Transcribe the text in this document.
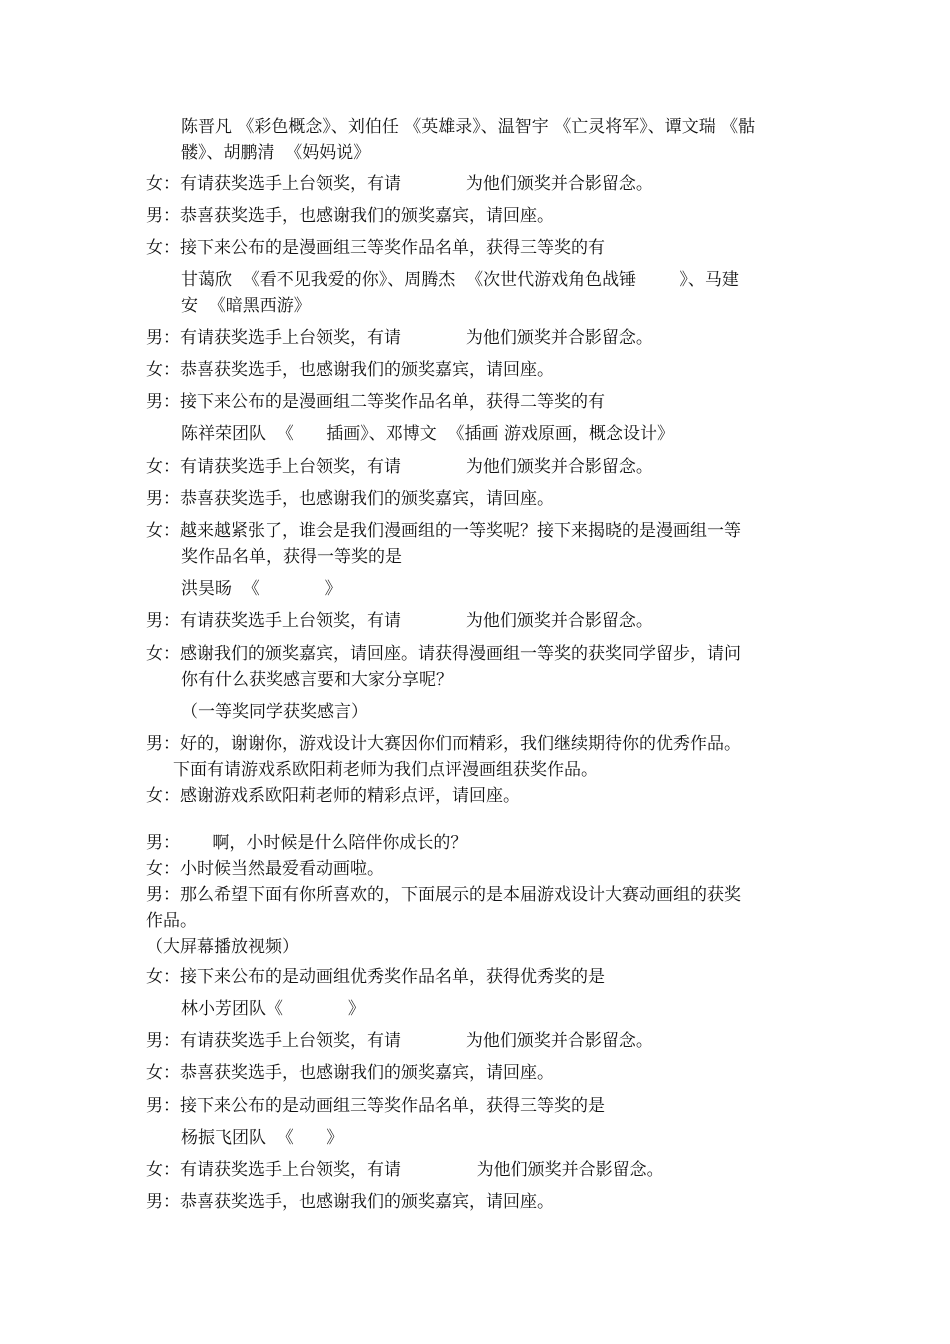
陈晋凡 《彩色概念》、刘伯任 《英雄录》、温智宇 《亡灵将军》、谭文瑞 《骷
髅》、胡鹏清  《妈妈说》
女：有请获奖选手上台领奖，有请            为他们颁奖并合影留念。
男：恭喜获奖选手，也感谢我们的颁奖嘉宾，请回座。
女：接下来公布的是漫画组三等奖作品名单，获得三等奖的有
甘蔼欣  《看不见我爱的你》、周腾杰  《次世代游戏角色战锤        》、马建
安  《暗黑西游》
男：有请获奖选手上台领奖，有请            为他们颁奖并合影留念。
女：恭喜获奖选手，也感谢我们的颁奖嘉宾，请回座。
男：接下来公布的是漫画组二等奖作品名单，获得二等奖的有
陈祥荣团队  《      插画》、邓博文  《插画 游戏原画，概念设计》
女：有请获奖选手上台领奖，有请            为他们颁奖并合影留念。
男：恭喜获奖选手，也感谢我们的颁奖嘉宾，请回座。
女：越来越紧张了，谁会是我们漫画组的一等奖呢？接下来揭晓的是漫画组一等
奖作品名单，获得一等奖的是
洪昊旸  《            》
男：有请获奖选手上台领奖，有请            为他们颁奖并合影留念。
女：感谢我们的颁奖嘉宾，请回座。请获得漫画组一等奖的获奖同学留步，请问
你有什么获奖感言要和大家分享呢？
（一等奖同学获奖感言）
男：好的，谢谢你，游戏设计大赛因你们而精彩，我们继续期待你的优秀作品。
下面有请游戏系欧阳莉老师为我们点评漫画组获奖作品。
女：感谢游戏系欧阳莉老师的精彩点评，请回座。
男：      啊，小时候是什么陪伴你成长的？
女：小时候当然最爱看动画啦。
男：那么希望下面有你所喜欢的，下面展示的是本届游戏设计大赛动画组的获奖
作品。
（大屏幕播放视频）
女：接下来公布的是动画组优秀奖作品名单，获得优秀奖的是
林小芳团队《            》
男：有请获奖选手上台领奖，有请            为他们颁奖并合影留念。
女：恭喜获奖选手，也感谢我们的颁奖嘉宾，请回座。
男：接下来公布的是动画组三等奖作品名单，获得三等奖的是
杨振飞团队  《      》
女：有请获奖选手上台领奖，有请              为他们颁奖并合影留念。
男：恭喜获奖选手，也感谢我们的颁奖嘉宾，请回座。
